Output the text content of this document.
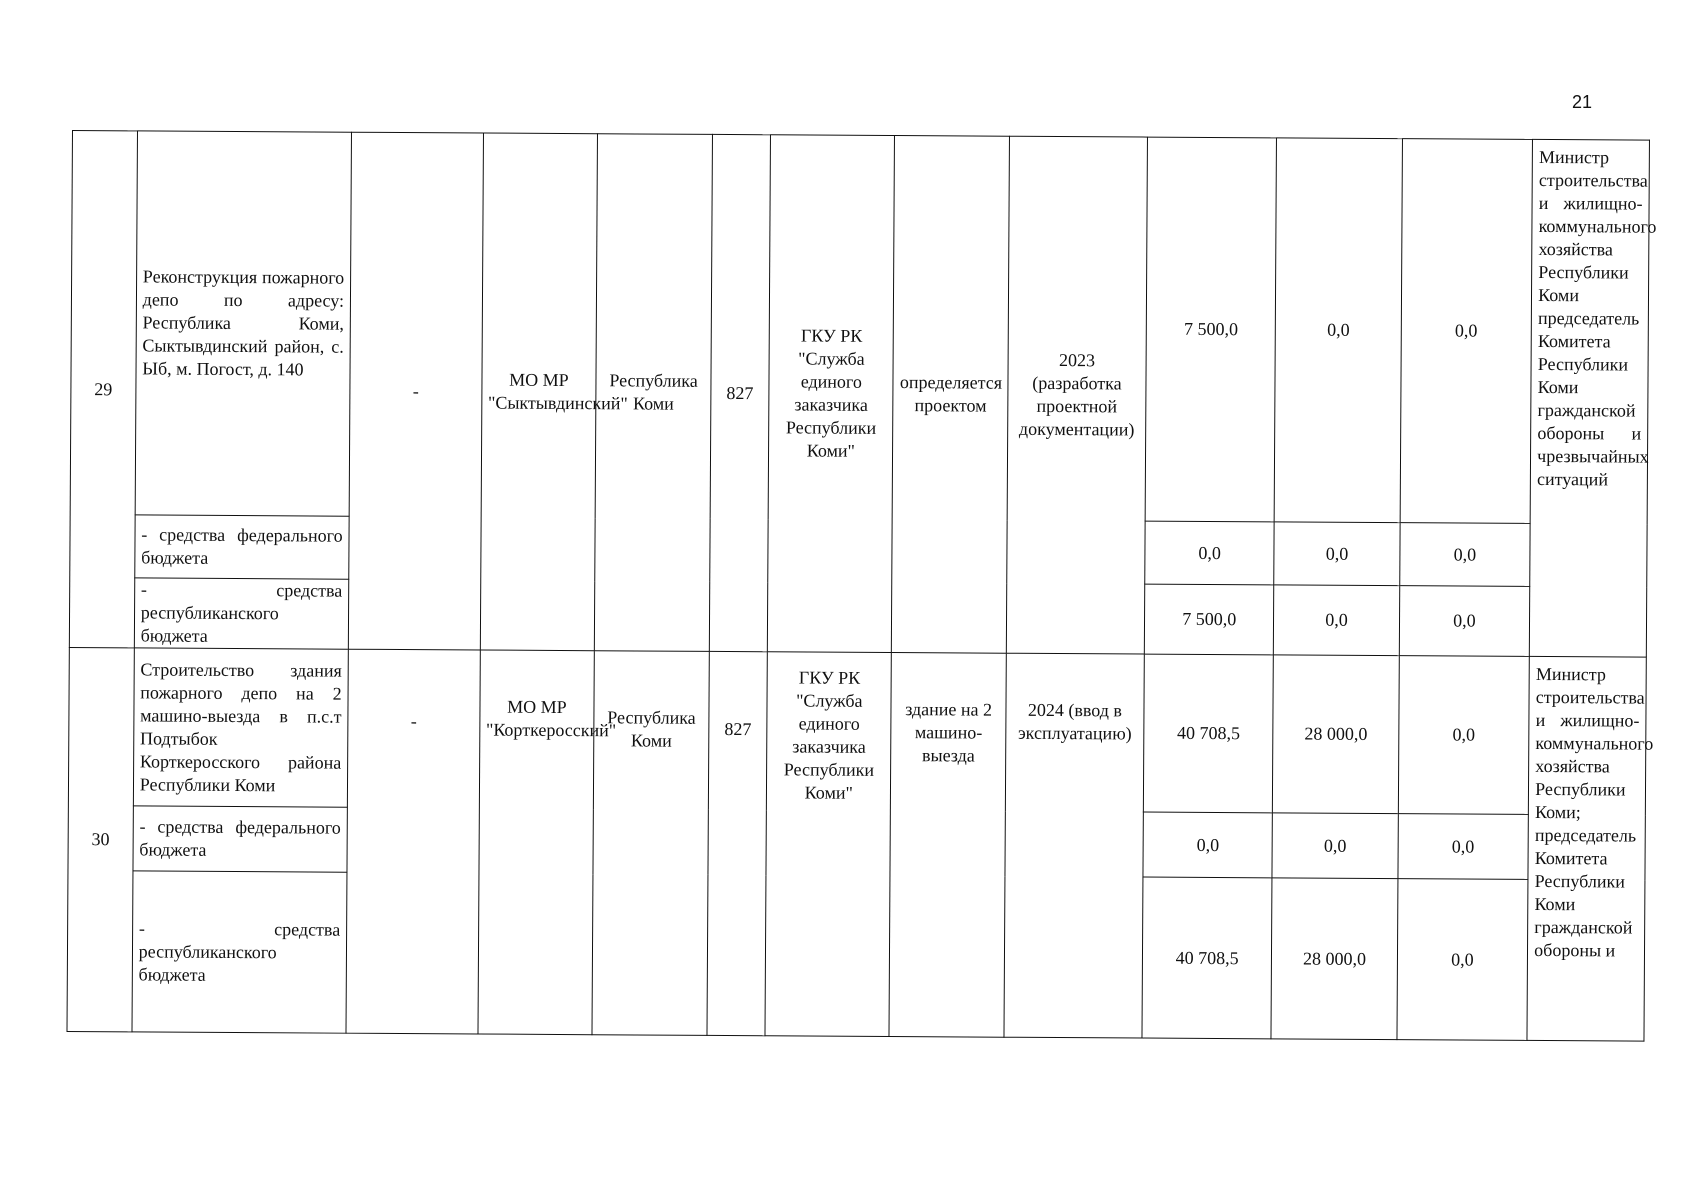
21
29	Реконструкция пожарного депо по адресу: Республика Коми, Сыктывдинский район, с. Ыб, м. Погост, д. 140	-	МО МР "Сыктывдинский"	Республика Коми	827	ГКУ РК "Служба единого заказчика Республики Коми"	определяется проектом	2023 (разработка проектной документации)	7 500,0	0,0	0,0	Министр строительства и жилищно-коммунального хозяйства Республики Коми председатель Комитета Республики Коми гражданской обороны и чрезвычайных ситуаций
	- средства федерального бюджета								0,0	0,0	0,0	
	- средства республиканского бюджета								7 500,0	0,0	0,0	
30	Строительство здания пожарного депо на 2 машино-выезда в п.с.т Подтыбок Корткеросского района Республики Коми	-	МО МР "Корткеросский"	Республика Коми	827	ГКУ РК "Служба единого заказчика Республики Коми"	здание на 2 машино-выезда	2024 (ввод в эксплуатацию)	40 708,5	28 000,0	0,0	Министр строительства и жилищно-коммунального хозяйства Республики Коми; председатель Комитета Республики Коми гражданской обороны и
	- средства федерального бюджета								0,0	0,0	0,0	
	- средства республиканского бюджета								40 708,5	28 000,0	0,0	
